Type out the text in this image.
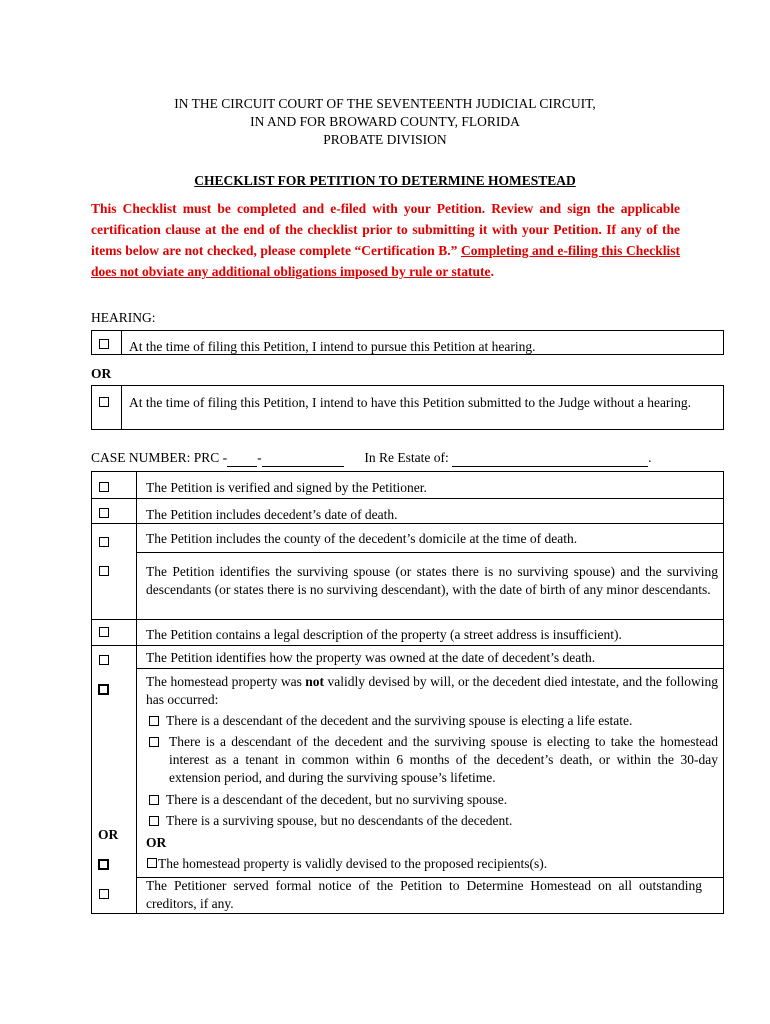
IN THE CIRCUIT COURT OF THE SEVENTEENTH JUDICIAL CIRCUIT,
IN AND FOR BROWARD COUNTY, FLORIDA
PROBATE DIVISION
CHECKLIST FOR PETITION TO DETERMINE HOMESTEAD
This Checklist must be completed and e-filed with your Petition. Review and sign the applicable certification clause at the end of the checklist prior to submitting it with your Petition. If any of the items below are not checked, please complete “Certification B.” Completing and e-filing this Checklist does not obviate any additional obligations imposed by rule or statute.
HEARING:
At the time of filing this Petition, I intend to pursue this Petition at hearing.
OR
At the time of filing this Petition, I intend to have this Petition submitted to the Judge without a hearing.
CASE NUMBER: PRC - -	In Re Estate of:	.
The Petition is verified and signed by the Petitioner.
The Petition includes decedent’s date of death.
The Petition includes the county of the decedent’s domicile at the time of death.
The Petition identifies the surviving spouse (or states there is no surviving spouse) and the surviving descendants (or states there is no surviving descendant), with the date of birth of any minor descendants.
The Petition contains a legal description of the property (a street address is insufficient).
The Petition identifies how the property was owned at the date of decedent’s death.
The homestead property was not validly devised by will, or the decedent died intestate, and the following has occurred:
There is a descendant of the decedent and the surviving spouse is electing a life estate.
There is a descendant of the decedent and the surviving spouse is electing to take the homestead interest as a tenant in common within 6 months of the decedent’s death, or within the 30-day extension period, and during the surviving spouse’s lifetime.
There is a descendant of the decedent, but no surviving spouse.
There is a surviving spouse, but no descendants of the decedent.
OR
OR
The homestead property is validly devised to the proposed recipients(s).
The Petitioner served formal notice of the Petition to Determine Homestead on all outstanding creditors, if any.
